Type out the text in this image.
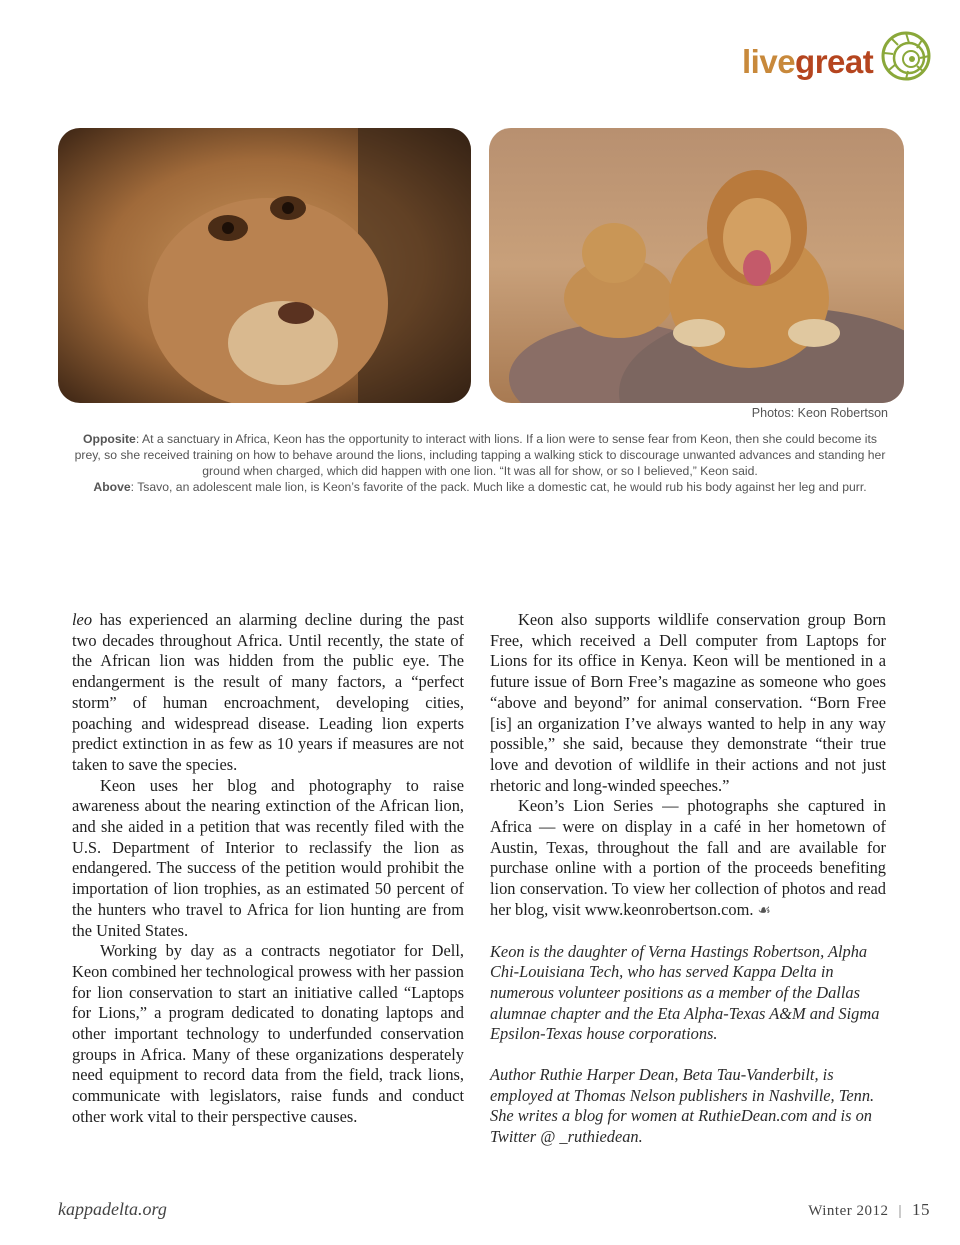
livegreat
Photos: Keon Robertson

Opposite: At a sanctuary in Africa, Keon has the opportunity to interact with lions. If a lion were to sense fear from Keon, then she could become its prey, so she received training on how to behave around the lions, including tapping a walking stick to discourage unwanted advances and standing her ground when charged, which did happen with one lion. “It was all for show, or so I believed,” Keon said.

Above: Tsavo, an adolescent male lion, is Keon’s favorite of the pack. Much like a domestic cat, he would rub his body against her leg and purr.

leo has experienced an alarming decline during the past two decades throughout Africa. Until recently, the state of the African lion was hidden from the public eye. The endangerment is the result of many factors, a “perfect storm” of human encroachment, developing cities, poaching and widespread disease. Leading lion experts predict extinction in as few as 10 years if measures are not taken to save the species.

Keon uses her blog and photography to raise awareness about the nearing extinction of the African lion, and she aided in a petition that was recently filed with the U.S. Department of Interior to reclassify the lion as endangered. The success of the petition would prohibit the importation of lion trophies, as an estimated 50 percent of the hunters who travel to Africa for lion hunting are from the United States.

Working by day as a contracts negotiator for Dell, Keon combined her technological prowess with her passion for lion conservation to start an initiative called “Laptops for Lions,” a program dedicated to donating laptops and other important technology to underfunded conservation groups in Africa. Many of these organizations desperately need equipment to record data from the field, track lions, communicate with legislators, raise funds and conduct other work vital to their perspective causes.

Keon also supports wildlife conservation group Born Free, which received a Dell computer from Laptops for Lions for its office in Kenya. Keon will be mentioned in a future issue of Born Free’s magazine as someone who goes “above and beyond” for animal conservation. “Born Free [is] an organization I’ve always wanted to help in any way possible,” she said, because they demonstrate “their true love and devotion of wildlife in their actions and not just rhetoric and long-winded speeches.”

Keon’s Lion Series — photographs she captured in Africa — were on display in a café in her hometown of Austin, Texas, throughout the fall and are available for purchase online with a portion of the proceeds benefiting lion conservation. To view her collection of photos and read her blog, visit www.keonrobertson.com. ☙

Keon is the daughter of Verna Hastings Robertson, Alpha Chi-Louisiana Tech, who has served Kappa Delta in numerous volunteer positions as a member of the Dallas alumnae chapter and the Eta Alpha-Texas A&M and Sigma Epsilon-Texas house corporations.

Author Ruthie Harper Dean, Beta Tau-Vanderbilt, is employed at Thomas Nelson publishers in Nashville, Tenn. She writes a blog for women at RuthieDean.com and is on Twitter @ _ruthiedean.

kappadelta.org	Winter 2012 | 15
